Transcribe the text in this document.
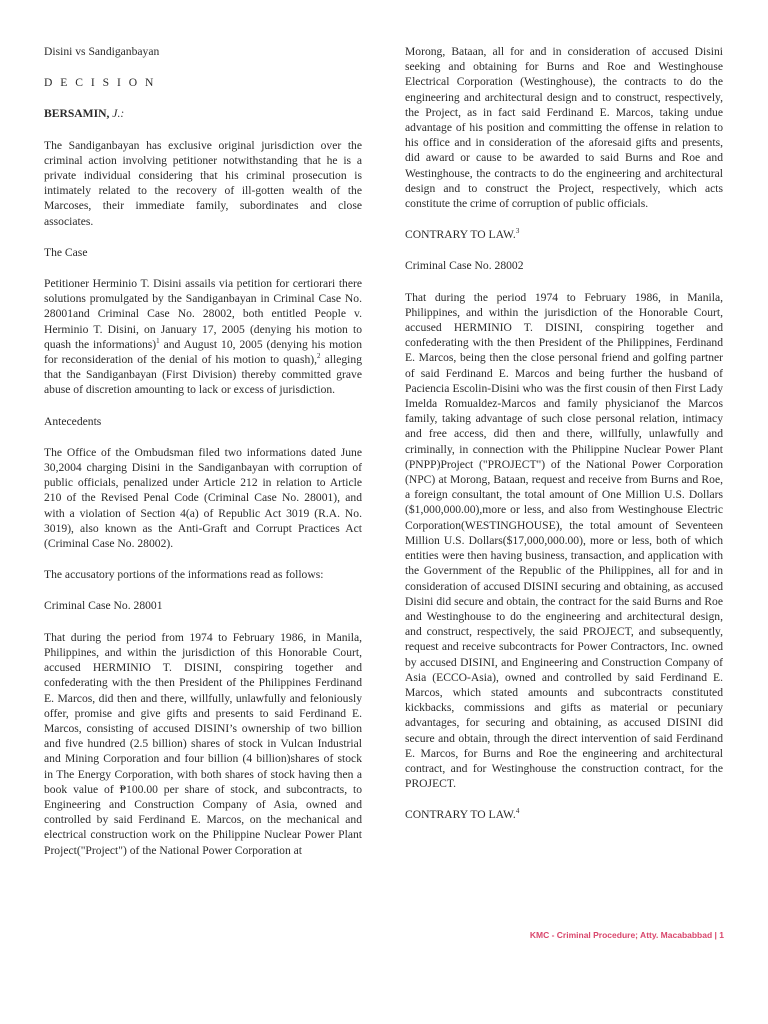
Disini vs Sandiganbayan

D E C I S I O N

BERSAMIN, J.:

The Sandiganbayan has exclusive original jurisdiction over the criminal action involving petitioner notwithstanding that he is a private individual considering that his criminal prosecution is intimately related to the recovery of ill-gotten wealth of the Marcoses, their immediate family, subordinates and close associates.

The Case

Petitioner Herminio T. Disini assails via petition for certiorari there solutions promulgated by the Sandiganbayan in Criminal Case No. 28001and Criminal Case No. 28002, both entitled People v. Herminio T. Disini, on January 17, 2005 (denying his motion to quash the informations)$^1$ and August 10, 2005 (denying his motion for reconsideration of the denial of his motion to quash),$^2$ alleging that the Sandiganbayan (First Division) thereby committed grave abuse of discretion amounting to lack or excess of jurisdiction.

Antecedents

The Office of the Ombudsman filed two informations dated June 30,2004 charging Disini in the Sandiganbayan with corruption of public officials, penalized under Article 212 in relation to Article 210 of the Revised Penal Code (Criminal Case No. 28001), and with a violation of Section 4(a) of Republic Act 3019 (R.A. No. 3019), also known as the Anti-Graft and Corrupt Practices Act (Criminal Case No. 28002).

The accusatory portions of the informations read as follows:

Criminal Case No. 28001

That during the period from 1974 to February 1986, in Manila, Philippines, and within the jurisdiction of this Honorable Court, accused HERMINIO T. DISINI, conspiring together and confederating with the then President of the Philippines Ferdinand E. Marcos, did then and there, willfully, unlawfully and feloniously offer, promise and give gifts and presents to said Ferdinand E. Marcos, consisting of accused DISINI’s ownership of two billion and five hundred (2.5 billion) shares of stock in Vulcan Industrial and Mining Corporation and four billion (4 billion)shares of stock in The Energy Corporation, with both shares of stock having then a book value of ₱100.00 per share of stock, and subcontracts, to Engineering and Construction Company of Asia, owned and controlled by said Ferdinand E. Marcos, on the mechanical and electrical construction work on the Philippine Nuclear Power Plant Project("Project") of the National Power Corporation at

Morong, Bataan, all for and in consideration of accused Disini seeking and obtaining for Burns and Roe and Westinghouse Electrical Corporation (Westinghouse), the contracts to do the engineering and architectural design and to construct, respectively, the Project, as in fact said Ferdinand E. Marcos, taking undue advantage of his position and committing the offense in relation to his office and in consideration of the aforesaid gifts and presents, did award or cause to be awarded to said Burns and Roe and Westinghouse, the contracts to do the engineering and architectural design and to construct the Project, respectively, which acts constitute the crime of corruption of public officials.

CONTRARY TO LAW.$^3$

Criminal Case No. 28002

That during the period 1974 to February 1986, in Manila, Philippines, and within the jurisdiction of the Honorable Court, accused HERMINIO T. DISINI, conspiring together and confederating with the then President of the Philippines, Ferdinand E. Marcos, being then the close personal friend and golfing partner of said Ferdinand E. Marcos and being further the husband of Paciencia Escolin-Disini who was the first cousin of then First Lady Imelda Romualdez-Marcos and family physicianof the Marcos family, taking advantage of such close personal relation, intimacy and free access, did then and there, willfully, unlawfully and criminally, in connection with the Philippine Nuclear Power Plant (PNPP)Project ("PROJECT") of the National Power Corporation (NPC) at Morong, Bataan, request and receive from Burns and Roe, a foreign consultant, the total amount of One Million U.S. Dollars ($1,000,000.00),more or less, and also from Westinghouse Electric Corporation(WESTINGHOUSE), the total amount of Seventeen Million U.S. Dollars($17,000,000.00), more or less, both of which entities were then having business, transaction, and application with the Government of the Republic of the Philippines, all for and in consideration of accused DISINI securing and obtaining, as accused Disini did secure and obtain, the contract for the said Burns and Roe and Westinghouse to do the engineering and architectural design, and construct, respectively, the said PROJECT, and subsequently, request and receive subcontracts for Power Contractors, Inc. owned by accused DISINI, and Engineering and Construction Company of Asia (ECCO-Asia), owned and controlled by said Ferdinand E. Marcos, which stated amounts and subcontracts constituted kickbacks, commissions and gifts as material or pecuniary advantages, for securing and obtaining, as accused DISINI did secure and obtain, through the direct intervention of said Ferdinand E. Marcos, for Burns and Roe the engineering and architectural contract, and for Westinghouse the construction contract, for the PROJECT.

CONTRARY TO LAW.$^4$

KMC - Criminal Procedure; Atty. Macababbad | 1
